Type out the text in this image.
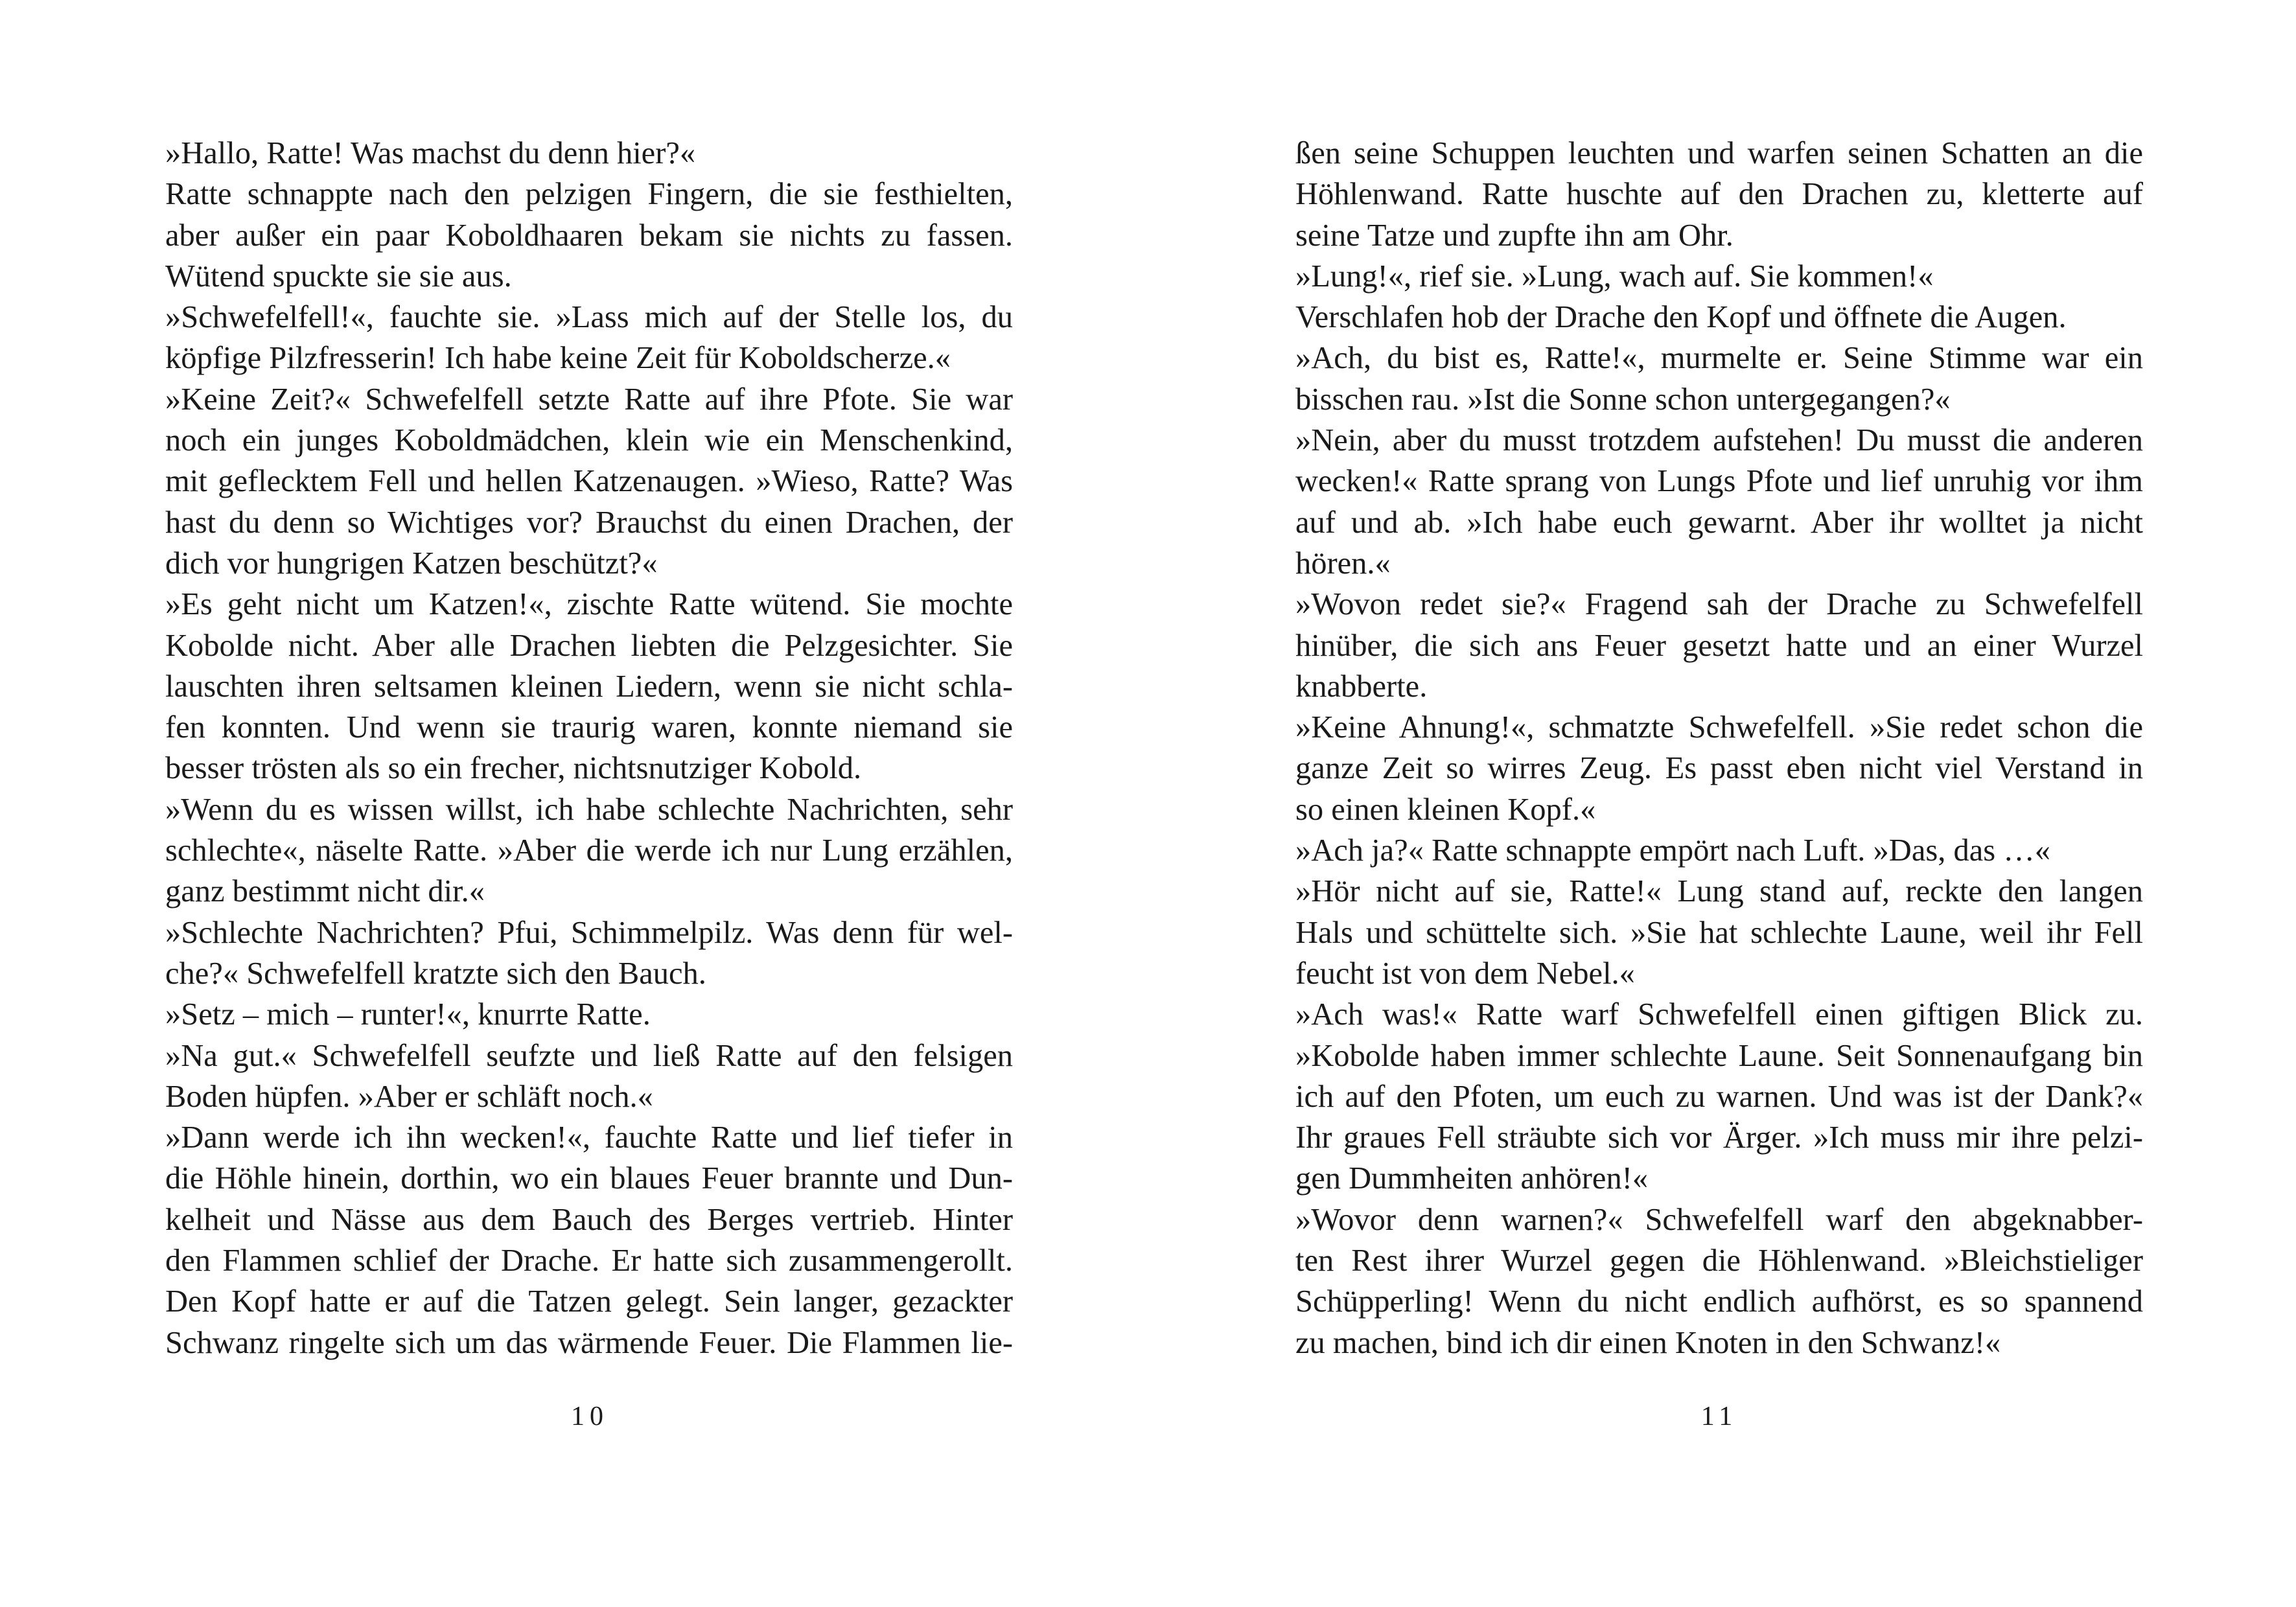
»Hallo, Ratte! Was machst du denn hier?«
Ratte schnappte nach den pelzigen Fingern, die sie festhielten,
aber außer ein paar Koboldhaaren bekam sie nichts zu fassen.
Wütend spuckte sie sie aus.
»Schwefelfell!«, fauchte sie. »Lass mich auf der Stelle los, du
köpfige Pilzfresserin! Ich habe keine Zeit für Koboldscherze.«
»Keine Zeit?« Schwefelfell setzte Ratte auf ihre Pfote. Sie war
noch ein junges Koboldmädchen, klein wie ein Menschenkind,
mit geflecktem Fell und hellen Katzenaugen. »Wieso, Ratte? Was
hast du denn so Wichtiges vor? Brauchst du einen Drachen, der
dich vor hungrigen Katzen beschützt?«
»Es geht nicht um Katzen!«, zischte Ratte wütend. Sie mochte
Kobolde nicht. Aber alle Drachen liebten die Pelzgesichter. Sie
lauschten ihren seltsamen kleinen Liedern, wenn sie nicht schla-
fen konnten. Und wenn sie traurig waren, konnte niemand sie
besser trösten als so ein frecher, nichtsnutziger Kobold.
»Wenn du es wissen willst, ich habe schlechte Nachrichten, sehr
schlechte«, näselte Ratte. »Aber die werde ich nur Lung erzählen,
ganz bestimmt nicht dir.«
»Schlechte Nachrichten? Pfui, Schimmelpilz. Was denn für wel-
che?« Schwefelfell kratzte sich den Bauch.
»Setz – mich – runter!«, knurrte Ratte.
»Na gut.« Schwefelfell seufzte und ließ Ratte auf den felsigen
Boden hüpfen. »Aber er schläft noch.«
»Dann werde ich ihn wecken!«, fauchte Ratte und lief tiefer in
die Höhle hinein, dorthin, wo ein blaues Feuer brannte und Dun-
kelheit und Nässe aus dem Bauch des Berges vertrieb. Hinter
den Flammen schlief der Drache. Er hatte sich zusammengerollt.
Den Kopf hatte er auf die Tatzen gelegt. Sein langer, gezackter
Schwanz ringelte sich um das wärmende Feuer. Die Flammen lie-
10
ßen seine Schuppen leuchten und warfen seinen Schatten an die
Höhlenwand. Ratte huschte auf den Drachen zu, kletterte auf
seine Tatze und zupfte ihn am Ohr.
»Lung!«, rief sie. »Lung, wach auf. Sie kommen!«
Verschlafen hob der Drache den Kopf und öffnete die Augen.
»Ach, du bist es, Ratte!«, murmelte er. Seine Stimme war ein
bisschen rau. »Ist die Sonne schon untergegangen?«
»Nein, aber du musst trotzdem aufstehen! Du musst die anderen
wecken!« Ratte sprang von Lungs Pfote und lief unruhig vor ihm
auf und ab. »Ich habe euch gewarnt. Aber ihr wolltet ja nicht
hören.«
»Wovon redet sie?« Fragend sah der Drache zu Schwefelfell
hinüber, die sich ans Feuer gesetzt hatte und an einer Wurzel
knabberte.
»Keine Ahnung!«, schmatzte Schwefelfell. »Sie redet schon die
ganze Zeit so wirres Zeug. Es passt eben nicht viel Verstand in
so einen kleinen Kopf.«
»Ach ja?« Ratte schnappte empört nach Luft. »Das, das …«
»Hör nicht auf sie, Ratte!« Lung stand auf, reckte den langen
Hals und schüttelte sich. »Sie hat schlechte Laune, weil ihr Fell
feucht ist von dem Nebel.«
»Ach was!« Ratte warf Schwefelfell einen giftigen Blick zu.
»Kobolde haben immer schlechte Laune. Seit Sonnenaufgang bin
ich auf den Pfoten, um euch zu warnen. Und was ist der Dank?«
Ihr graues Fell sträubte sich vor Ärger. »Ich muss mir ihre pelzi-
gen Dummheiten anhören!«
»Wovor denn warnen?« Schwefelfell warf den abgeknabber-
ten Rest ihrer Wurzel gegen die Höhlenwand. »Bleichstieliger
Schüpperling! Wenn du nicht endlich aufhörst, es so spannend
zu machen, bind ich dir einen Knoten in den Schwanz!«
11
